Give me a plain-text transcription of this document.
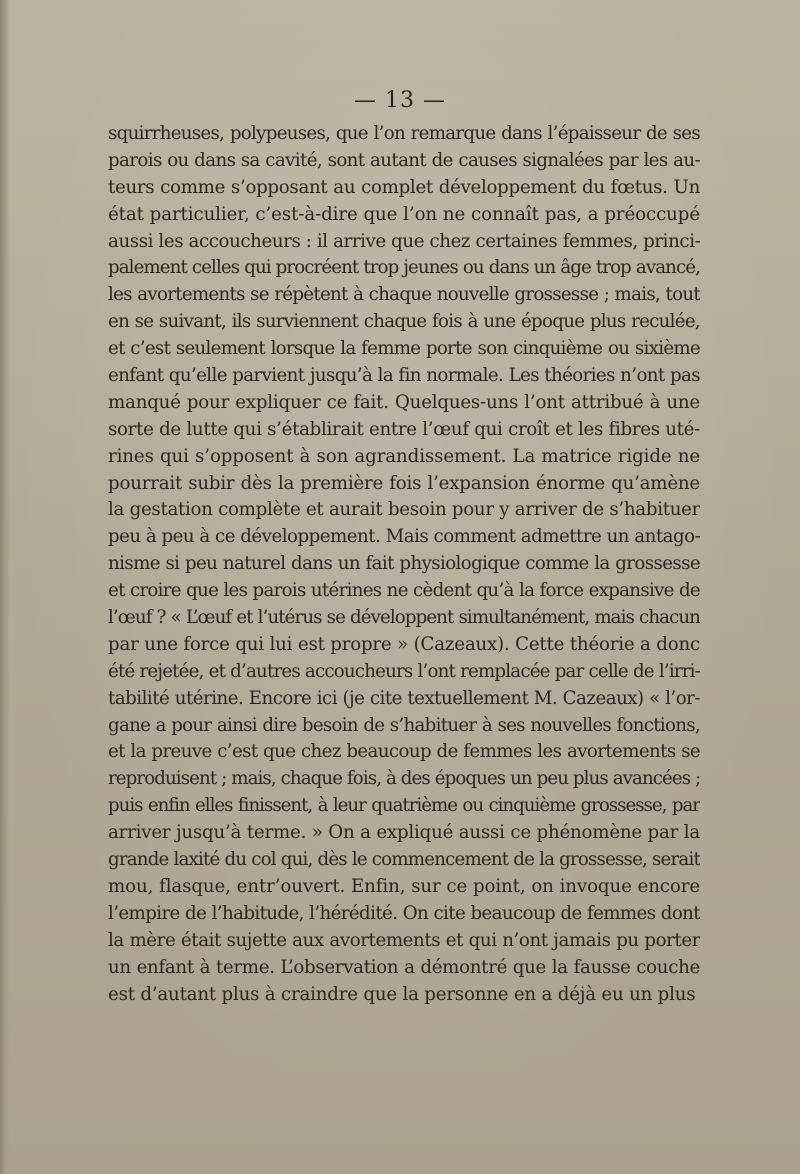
— 13 —
squirrheuses, polypeuses, que l’on remarque dans l’épaisseur de ses
parois ou dans sa cavité, sont autant de causes signalées par les au-
teurs comme s’opposant au complet développement du fœtus. Un
état particulier, c’est-à-dire que l’on ne connaît pas, a préoccupé
aussi les accoucheurs : il arrive que chez certaines femmes, princi-
palement celles qui procréent trop jeunes ou dans un âge trop avancé,
les avortements se répètent à chaque nouvelle grossesse ; mais, tout
en se suivant, ils surviennent chaque fois à une époque plus reculée,
et c’est seulement lorsque la femme porte son cinquième ou sixième
enfant qu’elle parvient jusqu’à la fin normale. Les théories n’ont pas
manqué pour expliquer ce fait. Quelques-uns l’ont attribué à une
sorte de lutte qui s’établirait entre l’œuf qui croît et les fibres uté-
rines qui s’opposent à son agrandissement. La matrice rigide ne
pourrait subir dès la première fois l’expansion énorme qu’amène
la gestation complète et aurait besoin pour y arriver de s’habituer
peu à peu à ce développement. Mais comment admettre un antago-
nisme si peu naturel dans un fait physiologique comme la grossesse
et croire que les parois utérines ne cèdent qu’à la force expansive de
l’œuf ? « L’œuf et l’utérus se développent simultanément, mais chacun
par une force qui lui est propre » (Cazeaux). Cette théorie a donc
été rejetée, et d’autres accoucheurs l’ont remplacée par celle de l’irri-
tabilité utérine. Encore ici (je cite textuellement M. Cazeaux) « l’or-
gane a pour ainsi dire besoin de s’habituer à ses nouvelles fonctions,
et la preuve c’est que chez beaucoup de femmes les avortements se
reproduisent ; mais, chaque fois, à des époques un peu plus avancées ;
puis enfin elles finissent, à leur quatrième ou cinquième grossesse, par
arriver jusqu’à terme. » On a expliqué aussi ce phénomène par la
grande laxité du col qui, dès le commencement de la grossesse, serait
mou, flasque, entr’ouvert. Enfin, sur ce point, on invoque encore
l’empire de l’habitude, l’hérédité. On cite beaucoup de femmes dont
la mère était sujette aux avortements et qui n’ont jamais pu porter
un enfant à terme. L’observation a démontré que la fausse couche
est d’autant plus à craindre que la personne en a déjà eu un plus
